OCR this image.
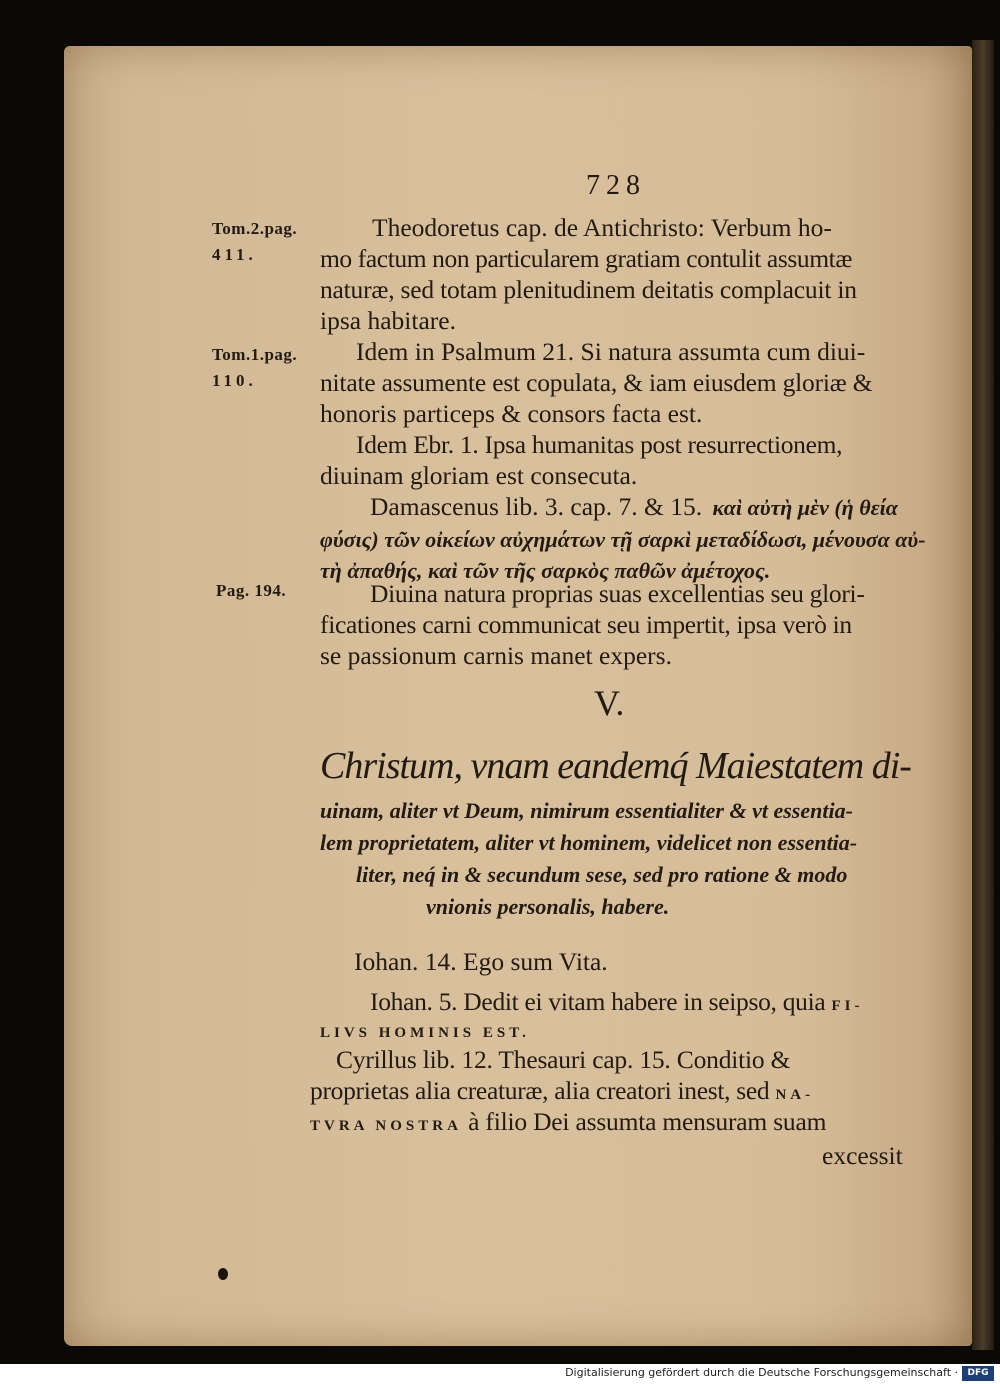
728
Tom.2.pag.
411.
Tom.1.pag.
110.
Pag. 194.
Theodoretus cap. de Antichristo: Verbum ho-
mo factum non particularem gratiam contulit assumtæ
naturæ, sed totam plenitudinem deitatis complacuit in
ipsa habitare.
Idem in Psalmum 21. Si natura assumta cum diui-
nitate assumente est copulata, & iam eiusdem gloriæ &
honoris particeps & consors facta est.
Idem Ebr. 1. Ipsa humanitas post resurrectionem,
diuinam gloriam est consecuta.
Damascenus lib. 3. cap. 7. & 15. καὶ αὐτὴ μὲν (ἡ θεία
φύσις) τῶν οἰκείων αὐχημάτων τῇ σαρκὶ μεταδίδωσι, μένουσα αὐ-
τὴ ἀπαθής, καὶ τῶν τῆς σαρκὸς παθῶν ἀμέτοχος.
Diuina natura proprias suas excellentias seu glori-
ficationes carni communicat seu impertit, ipsa verò in
se passionum carnis manet expers.
V.
Christum, vnam eandemq́ Maiestatem di-
uinam, aliter vt Deum, nimirum essentialiter & vt essentia-
lem proprietatem, aliter vt hominem, videlicet non essentia-
liter, neq́ in & secundum sese, sed pro ratione & modo
vnionis personalis, habere.
Iohan. 14. Ego sum Vita.
Iohan. 5. Dedit ei vitam habere in seipso, quia FI-
LIVS HOMINIS EST.
Cyrillus lib. 12. Thesauri cap. 15. Conditio &
proprietas alia creaturæ, alia creatori inest, sed NA-
TVRA NOSTRA à filio Dei assumta mensuram suam
excessit
Digitalisierung gefördert durch die Deutsche Forschungsgemeinschaft ·	DFG
